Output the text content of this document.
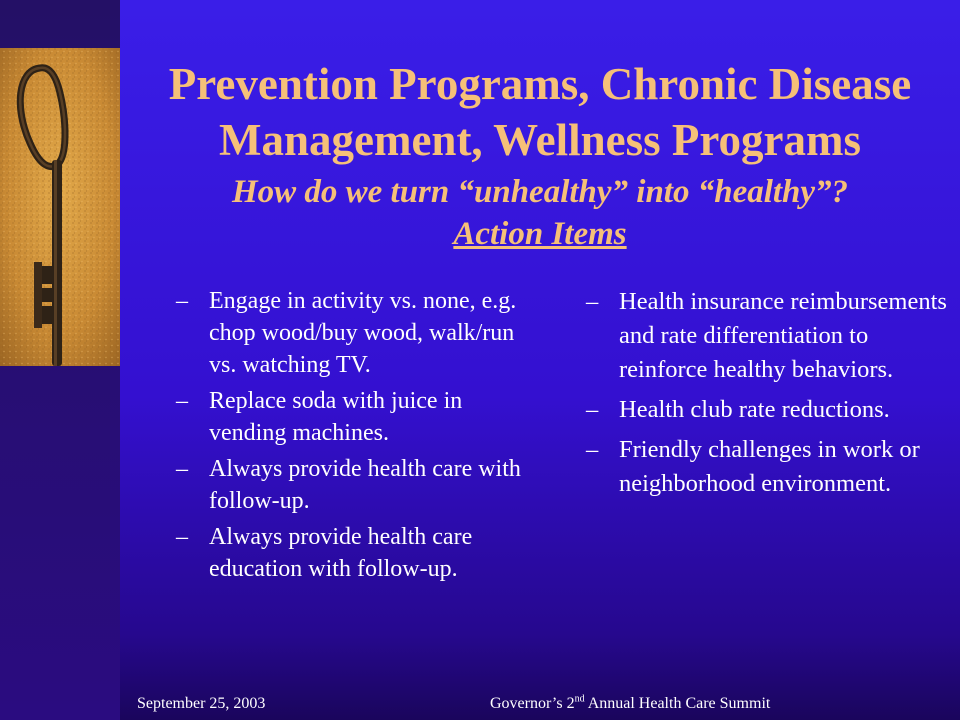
Prevention Programs, Chronic Disease
Management, Wellness Programs
How do we turn “unhealthy” into “healthy”?
Action Items
– Engage in activity vs. none, e.g. chop wood/buy wood, walk/run vs. watching TV.
– Replace soda with juice in vending machines.
– Always provide health care with follow-up.
– Always provide health care education with follow-up.
– Health insurance reimbursements and rate differentiation to reinforce healthy behaviors.
– Health club rate reductions.
– Friendly challenges in work or neighborhood environment.
September 25, 2003	Governor’s 2nd Annual Health Care Summit
